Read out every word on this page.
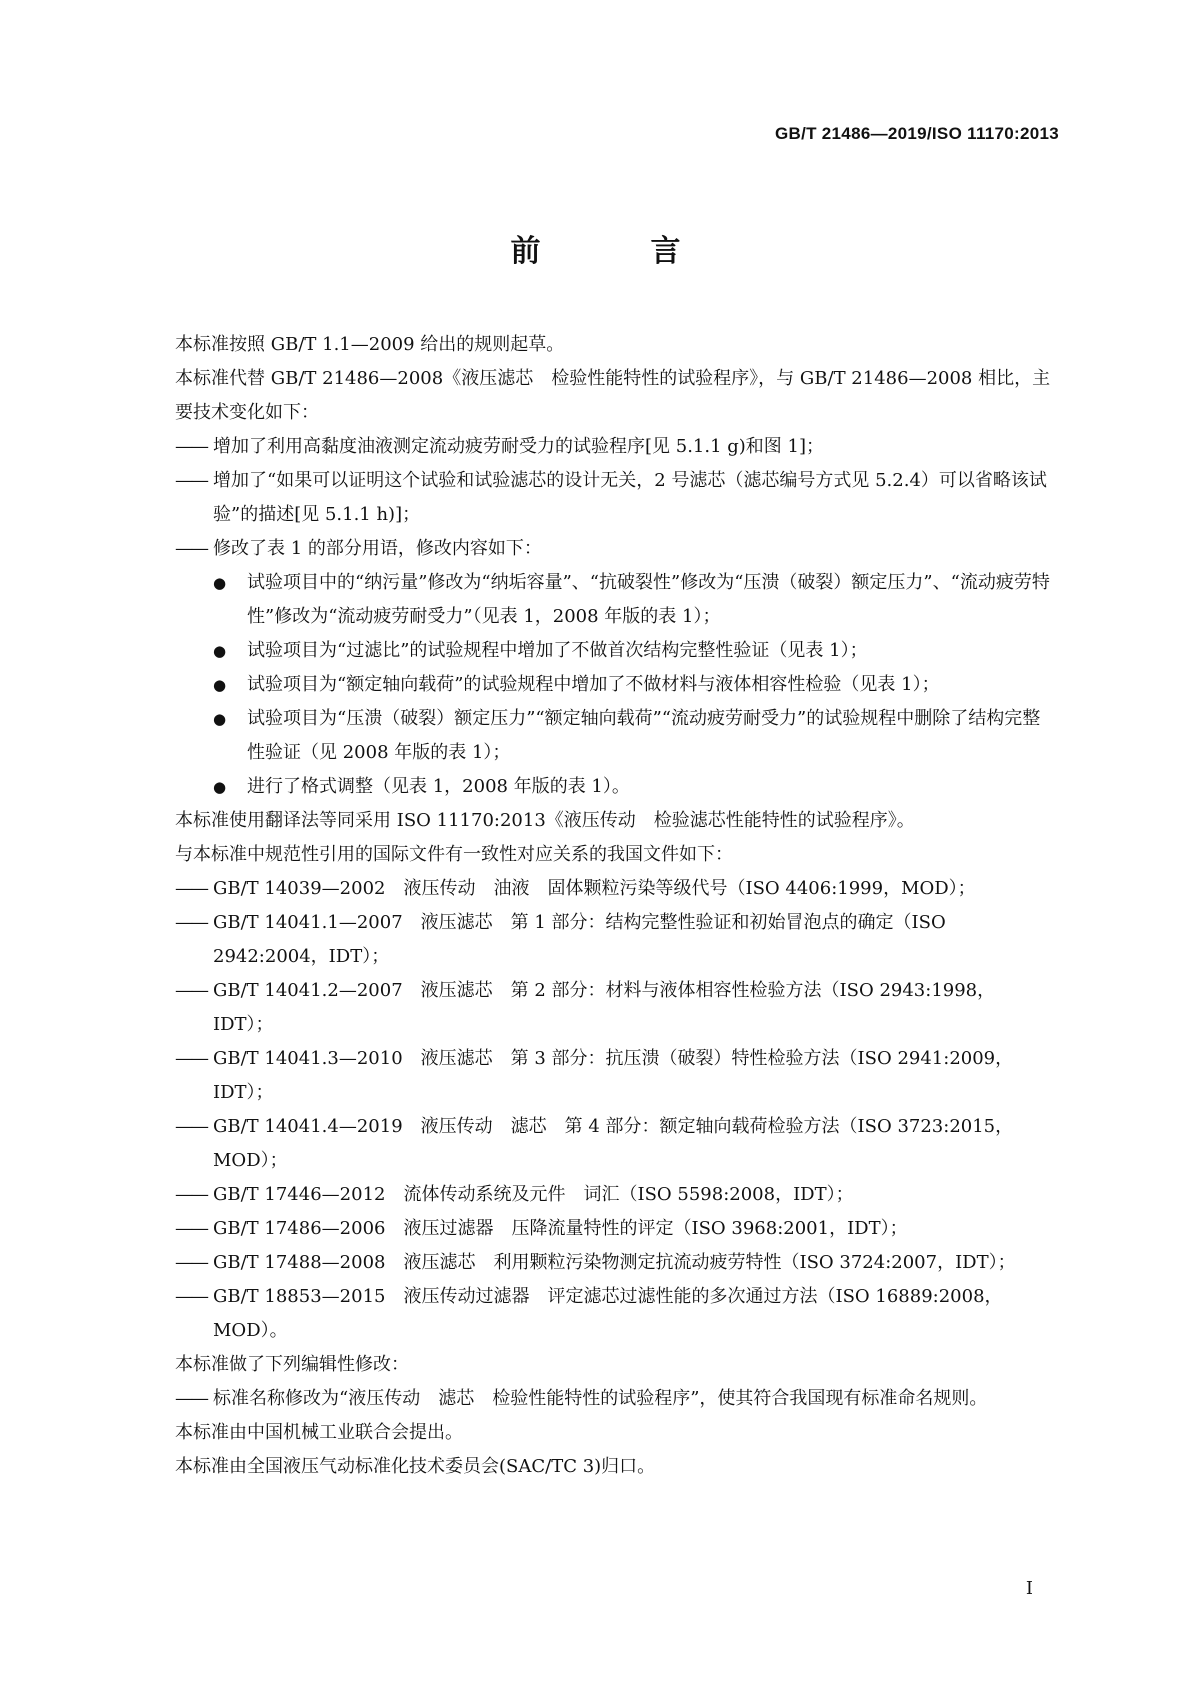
GB/T 21486—2019/ISO 11170:2013
前　言

本标准按照 GB/T 1.1—2009 给出的规则起草。

本标准代替 GB/T 21486—2008《液压滤芯　检验性能特性的试验程序》，与 GB/T 21486—2008 相比，主要技术变化如下：

—— 增加了利用高黏度油液测定流动疲劳耐受力的试验程序[见 5.1.1 g)和图 1]；
—— 增加了“如果可以证明这个试验和试验滤芯的设计无关，2 号滤芯（滤芯编号方式见 5.2.4）可以省略该试验”的描述[见 5.1.1 h)]；
—— 修改了表 1 的部分用语，修改内容如下：
●	试验项目中的“纳污量”修改为“纳垢容量”、“抗破裂性”修改为“压溃（破裂）额定压力”、“流动疲劳特性”修改为“流动疲劳耐受力”（见表 1，2008 年版的表 1）；
●	试验项目为“过滤比”的试验规程中增加了不做首次结构完整性验证（见表 1）；
●	试验项目为“额定轴向载荷”的试验规程中增加了不做材料与液体相容性检验（见表 1）；
●	试验项目为“压溃（破裂）额定压力”“额定轴向载荷”“流动疲劳耐受力”的试验规程中删除了结构完整性验证（见 2008 年版的表 1）；
●	进行了格式调整（见表 1，2008 年版的表 1）。

本标准使用翻译法等同采用 ISO 11170:2013《液压传动　检验滤芯性能特性的试验程序》。

与本标准中规范性引用的国际文件有一致性对应关系的我国文件如下：

—— GB/T 14039—2002　液压传动　油液　固体颗粒污染等级代号（ISO 4406:1999，MOD）；
—— GB/T 14041.1—2007　液压滤芯　第 1 部分：结构完整性验证和初始冒泡点的确定（ISO 2942:2004，IDT）；
—— GB/T 14041.2—2007　液压滤芯　第 2 部分：材料与液体相容性检验方法（ISO 2943:1998，IDT）；
—— GB/T 14041.3—2010　液压滤芯　第 3 部分：抗压溃（破裂）特性检验方法（ISO 2941:2009，IDT）；
—— GB/T 14041.4—2019　液压传动　滤芯　第 4 部分：额定轴向载荷检验方法（ISO 3723:2015，MOD）；
—— GB/T 17446—2012　流体传动系统及元件　词汇（ISO 5598:2008，IDT）；
—— GB/T 17486—2006　液压过滤器　压降流量特性的评定（ISO 3968:2001，IDT）；
—— GB/T 17488—2008　液压滤芯　利用颗粒污染物测定抗流动疲劳特性（ISO 3724:2007，IDT）；
—— GB/T 18853—2015　液压传动过滤器　评定滤芯过滤性能的多次通过方法（ISO 16889:2008，MOD）。

本标准做了下列编辑性修改：

—— 标准名称修改为“液压传动　滤芯　检验性能特性的试验程序”，使其符合我国现有标准命名规则。

本标准由中国机械工业联合会提出。

本标准由全国液压气动标准化技术委员会(SAC/TC 3)归口。

I
